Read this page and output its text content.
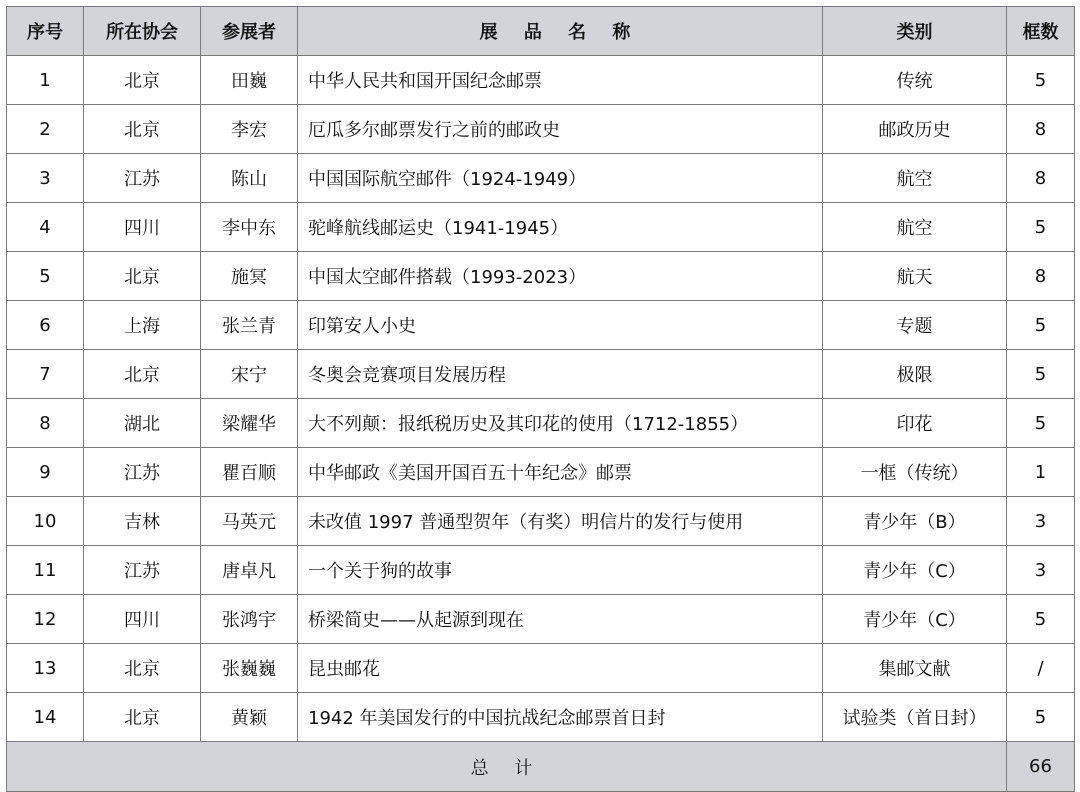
序号	所在协会	参展者	展 品 名 称	类别	框数
1	北京	田巍	中华人民共和国开国纪念邮票	传统	5
2	北京	李宏	厄瓜多尔邮票发行之前的邮政史	邮政历史	8
3	江苏	陈山	中国国际航空邮件（1924-1949）	航空	8
4	四川	李中东	驼峰航线邮运史（1941-1945）	航空	5
5	北京	施冥	中国太空邮件搭载（1993-2023）	航天	8
6	上海	张兰青	印第安人小史	专题	5
7	北京	宋宁	冬奥会竞赛项目发展历程	极限	5
8	湖北	梁耀华	大不列颠：报纸税历史及其印花的使用（1712-1855）	印花	5
9	江苏	瞿百顺	中华邮政《美国开国百五十年纪念》邮票	一框（传统）	1
10	吉林	马英元	未改值 1997 普通型贺年（有奖）明信片的发行与使用	青少年（B）	3
11	江苏	唐卓凡	一个关于狗的故事	青少年（C）	3
12	四川	张鸿宇	桥梁简史——从起源到现在	青少年（C）	5
13	北京	张巍巍	昆虫邮花	集邮文献	/
14	北京	黄颖	1942 年美国发行的中国抗战纪念邮票首日封	试验类（首日封）	5
总 计					66
